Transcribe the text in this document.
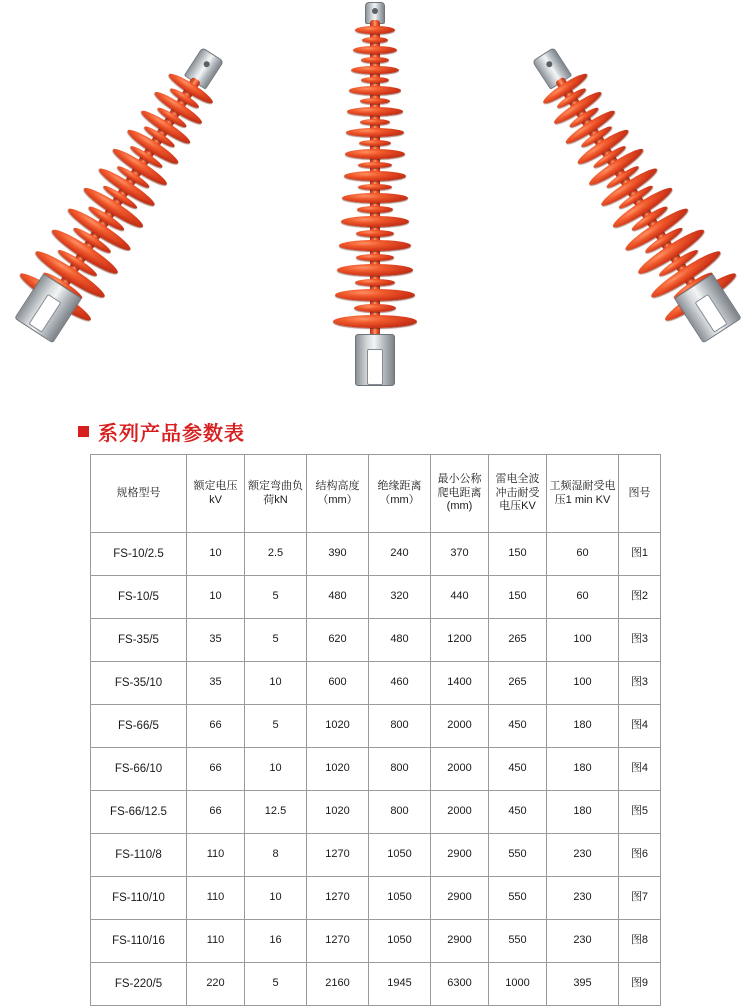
系列产品参数表
规格型号	额定电压kV	额定弯曲负荷kN	结构高度（mm）	绝缘距离（mm）	最小公称爬电距离(mm)	雷电全波冲击耐受电压KV	工频湿耐受电压1 min KV	图号
FS-10/2.5	10	2.5	390	240	370	150	60	图1
FS-10/5	10	5	480	320	440	150	60	图2
FS-35/5	35	5	620	480	1200	265	100	图3
FS-35/10	35	10	600	460	1400	265	100	图3
FS-66/5	66	5	1020	800	2000	450	180	图4
FS-66/10	66	10	1020	800	2000	450	180	图4
FS-66/12.5	66	12.5	1020	800	2000	450	180	图5
FS-110/8	110	8	1270	1050	2900	550	230	图6
FS-110/10	110	10	1270	1050	2900	550	230	图7
FS-110/16	110	16	1270	1050	2900	550	230	图8
FS-220/5	220	5	2160	1945	6300	1000	395	图9
